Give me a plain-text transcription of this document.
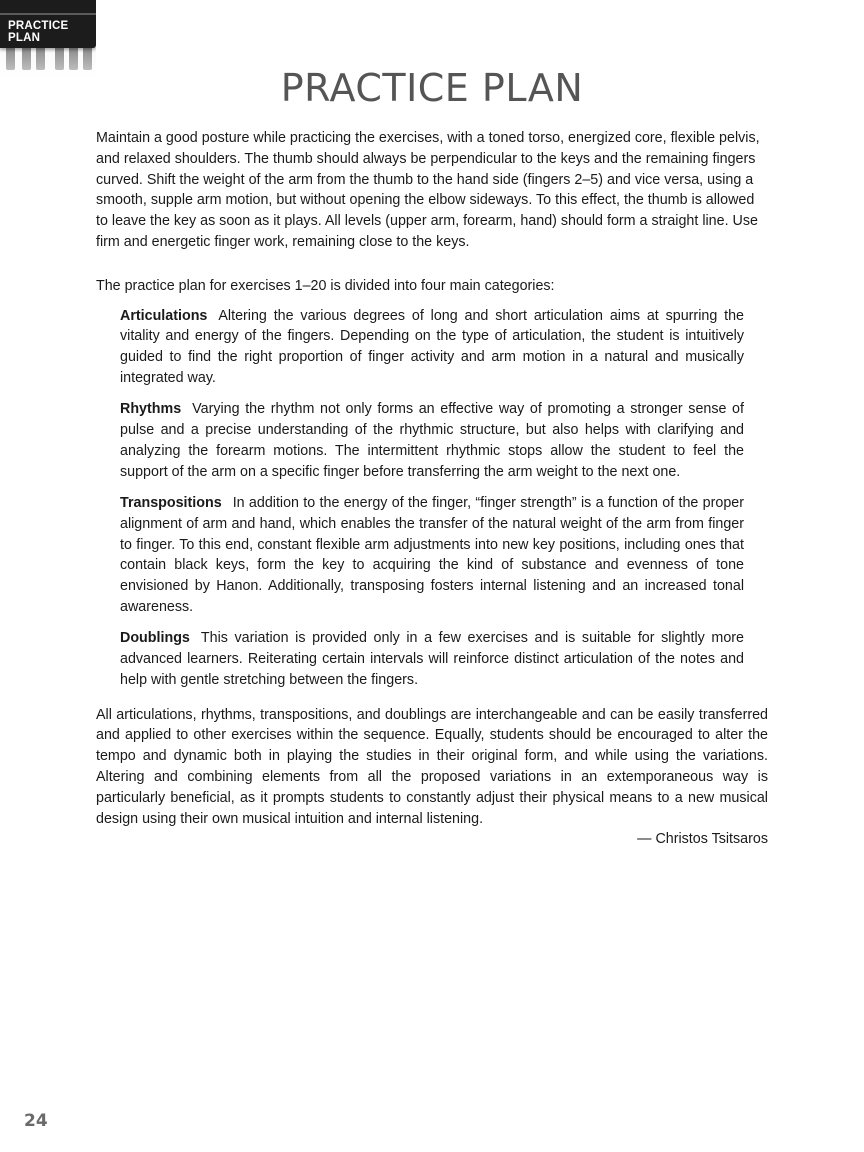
PRACTICE
PLAN
PRACTICE PLAN

Maintain a good posture while practicing the exercises, with a toned torso, energized core, flexible pelvis, and relaxed shoulders. The thumb should always be perpendicular to the keys and the remaining fingers curved. Shift the weight of the arm from the thumb to the hand side (fingers 2–5) and vice versa, using a smooth, supple arm motion, but without opening the elbow sideways. To this effect, the thumb is allowed to leave the key as soon as it plays. All levels (upper arm, forearm, hand) should form a straight line. Use firm and energetic finger work, remaining close to the keys.

The practice plan for exercises 1–20 is divided into four main categories:

Articulations Altering the various degrees of long and short articulation aims at spurring the vitality and energy of the fingers. Depending on the type of articulation, the student is intuitively guided to find the right proportion of finger activity and arm motion in a natural and musically integrated way.
Rhythms Varying the rhythm not only forms an effective way of promoting a stronger sense of pulse and a precise understanding of the rhythmic structure, but also helps with clarifying and analyzing the forearm motions. The intermittent rhythmic stops allow the student to feel the support of the arm on a specific finger before transferring the arm weight to the next one.
Transpositions In addition to the energy of the finger, “finger strength” is a function of the proper alignment of arm and hand, which enables the transfer of the natural weight of the arm from finger to finger. To this end, constant flexible arm adjustments into new key positions, including ones that contain black keys, form the key to acquiring the kind of substance and evenness of tone envisioned by Hanon. Additionally, transposing fosters internal listening and an increased tonal awareness.
Doublings This variation is provided only in a few exercises and is suitable for slightly more advanced learners. Reiterating certain intervals will reinforce distinct articulation of the notes and help with gentle stretching between the fingers.

All articulations, rhythms, transpositions, and doublings are interchangeable and can be easily transferred and applied to other exercises within the sequence. Equally, students should be encouraged to alter the tempo and dynamic both in playing the studies in their original form, and while using the variations. Altering and combining elements from all the proposed variations in an extemporaneous way is particularly beneficial, as it prompts students to constantly adjust their physical means to a new musical design using their own musical intuition and internal listening.

— Christos Tsitsaros

24
